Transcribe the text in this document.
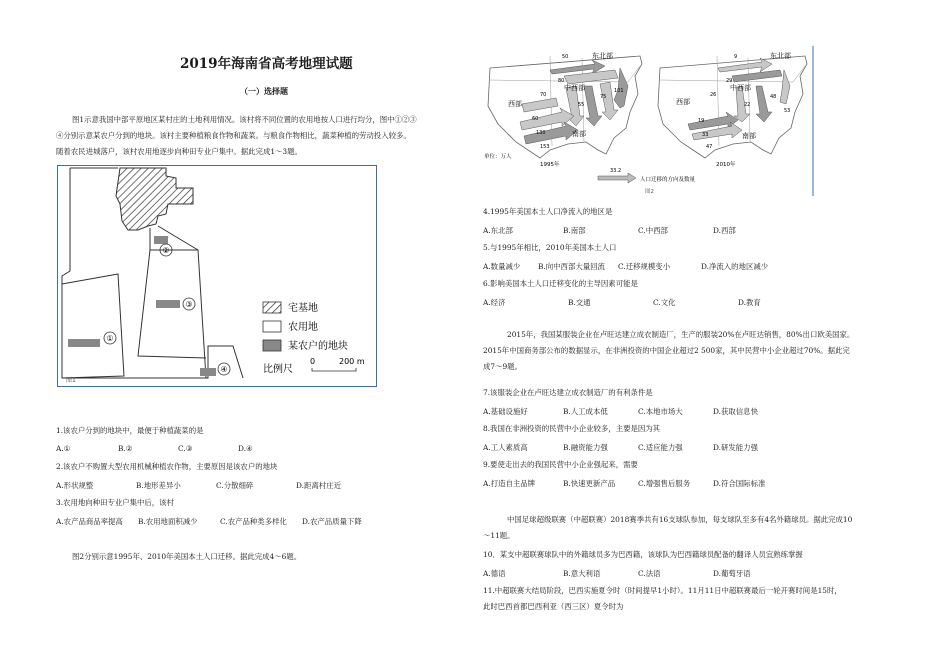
2019年海南省高考地理试题
（一）选择题
图1示意我国中部平原地区某村庄的土地利用情况。该村将不同位置的农用地按人口进行均分，图中①②③
④分别示意某农户分到的地块。该村主要种植粮食作物和蔬菜。与粮食作物相比，蔬菜种植的劳动投入较多。
随着农民进城落户，该村农用地逐步向种田专业户集中。据此完成1～3题。
①
②
③
④
宅基地
农用地
某农户的地块
比例尺
0	200 m
图1
1.该农户分到的地块中，最便于种植蔬菜的是
A.①	B.②	C.③	D.④
2.该农户不购置大型农用机械种植农作物，主要原因是该农户的地块
A.形状规整	B.地形差异小	C.分散细碎	D.距离村庄近
3.农用地向种田专业户集中后，该村
A.农产品商品率提高 B.农用地面积减少	C.农产品种类多样化 D.农产品质量下降
图2分别示意1995年、2010年美国本土人口迁移。据此完成4～6题。
东北部
中西部
西部
南部
50
80
70
55
75
101
60
130
153
单位：万人
1995年
东北部
中西部
西部
南部
9
29
26
22
48
53
19
33
47
2010年
33.2
人口迁移的方向及数量
图2
4.1995年美国本土人口净流入的地区是
A.东北部	B.南部	C.中西部	D.西部
5.与1995年相比，2010年美国本土人口
A.数量减少 B.向中西部大量回流 C.迁移规模变小	D.净流入的地区减少
6.影响美国本土人口迁移变化的主导因素可能是
A.经济	B.交通	C.文化	D.教育
2015年，我国某服装企业在卢旺达建立成衣制造厂，生产的服装20%在卢旺达销售，80%出口欧美国家。
2015年中国商务部公布的数据显示，在非洲投资的中国企业超过2 500家，其中民营中小企业超过70%。据此完
成7～9题。
7.该服装企业在卢旺达建立成衣制造厂的有利条件是
A.基础设施好	B.人工成本低	C.本地市场大	D.获取信息快
8.我国在非洲投资的民营中小企业较多，主要是因为其
A.工人素质高	B.融资能力强	C.适应能力强	D.研发能力强
9.要使走出去的我国民营中小企业强起来，需要
A.打造自主品牌	B.快速更新产品	C.增强售后服务	D.符合国际标准
中国足球超级联赛（中超联赛）2018赛季共有16支球队参加，每支球队至多有4名外籍球员。据此完成10
～11题。
10．某支中超联赛球队中的外籍球员多为巴西籍，该球队为巴西籍球员配备的翻译人员宜熟练掌握
A.德语	B.意大利语	C.法语	D.葡萄牙语
11.中超联赛大结局阶段，巴西实施夏令时（时间提早1小时）。11月11日中超联赛最后一轮开赛时间是15时，
此时巴西首都巴西利亚（西三区）夏令时为
